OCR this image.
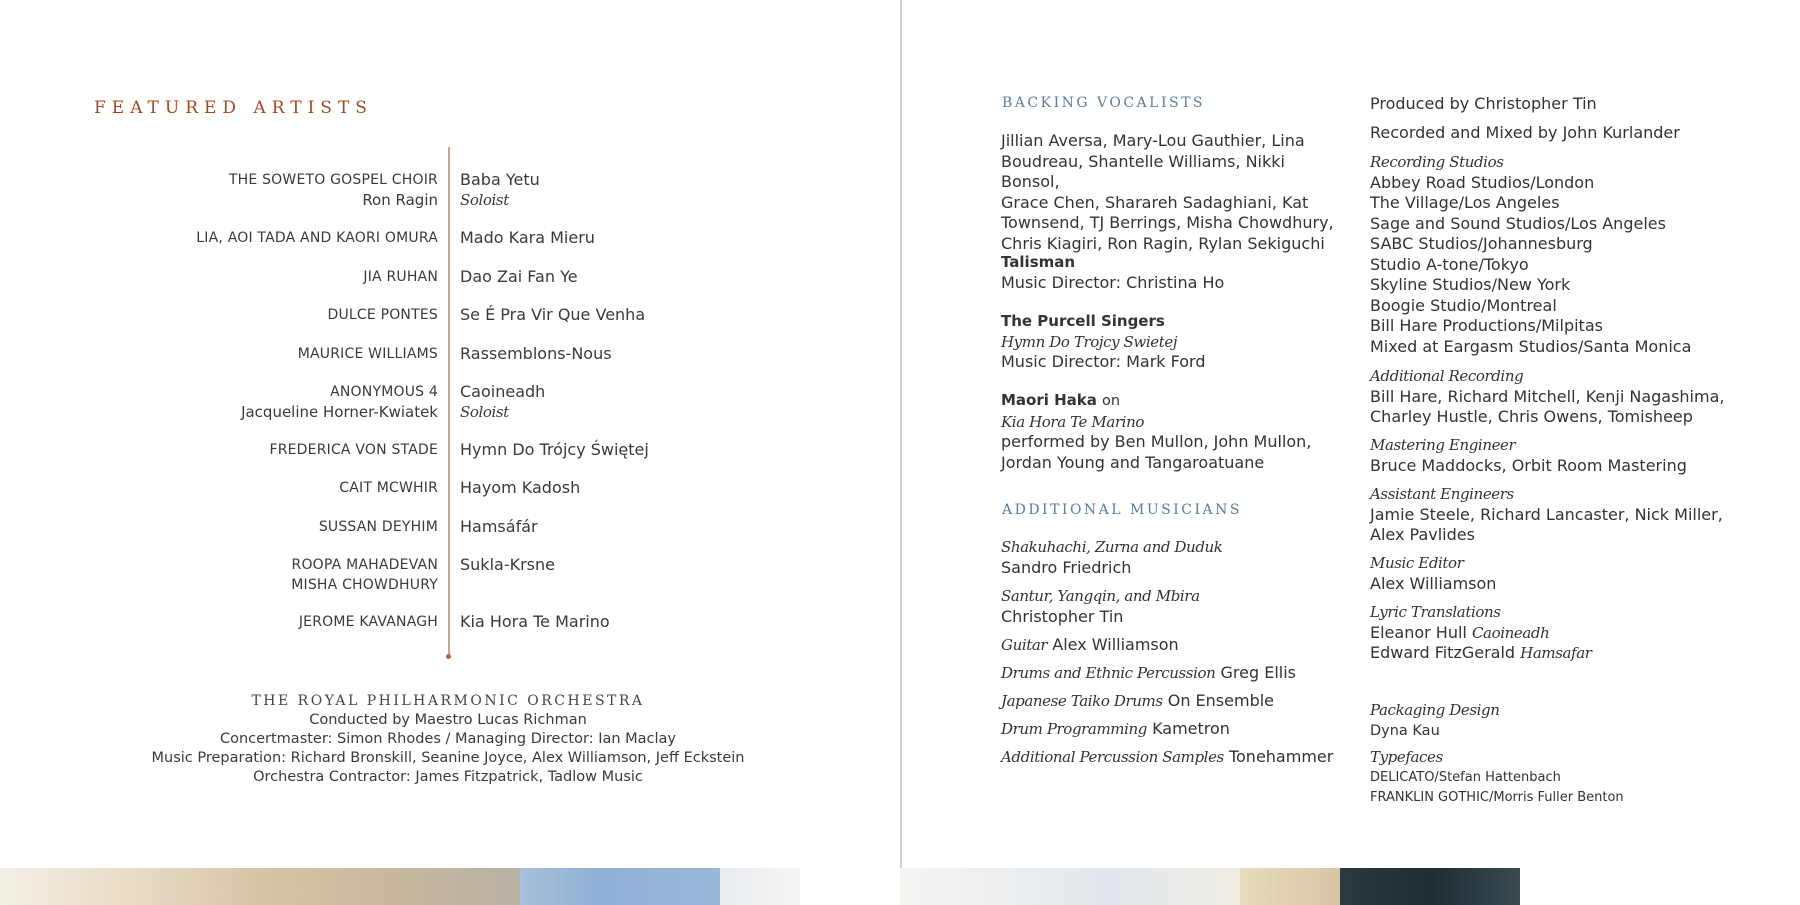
FEATURED ARTISTS
THE SOWETO GOSPEL CHOIR
Ron Ragin
Baba Yetu
Soloist
LIA, AOI TADA AND KAORI OMURA Mado Kara Mieru
JIA RUHAN Dao Zai Fan Ye
DULCE PONTES Se É Pra Vir Que Venha
MAURICE WILLIAMS Rassemblons-Nous
ANONYMOUS 4
Jacqueline Horner-Kwiatek
Caoineadh
Soloist
FREDERICA VON STADE Hymn Do Trójcy Świętej
CAIT MCWHIR Hayom Kadosh
SUSSAN DEYHIM Hamsáfár
ROOPA MAHADEVAN
MISHA CHOWDHURY
Sukla-Krsne
JEROME KAVANAGH Kia Hora Te Marino
THE ROYAL PHILHARMONIC ORCHESTRA
Conducted by Maestro Lucas Richman
Concertmaster: Simon Rhodes / Managing Director: Ian Maclay
Music Preparation: Richard Bronskill, Seanine Joyce, Alex Williamson, Jeff Eckstein
Orchestra Contractor: James Fitzpatrick, Tadlow Music
BACKING VOCALISTS
Jillian Aversa, Mary-Lou Gauthier, Lina
Boudreau, Shantelle Williams, Nikki Bonsol,
Grace Chen, Sharareh Sadaghiani, Kat
Townsend, TJ Berrings, Misha Chowdhury,
Chris Kiagiri, Ron Ragin, Rylan Sekiguchi
Talisman
Music Director: Christina Ho
The Purcell Singers
Hymn Do Trojcy Swietej
Music Director: Mark Ford
Maori Haka on
Kia Hora Te Marino
performed by Ben Mullon, John Mullon,
Jordan Young and Tangaroatuane
ADDITIONAL MUSICIANS
Shakuhachi, Zurna and Duduk
Sandro Friedrich
Santur, Yangqin, and Mbira
Christopher Tin
Guitar Alex Williamson
Drums and Ethnic Percussion Greg Ellis
Japanese Taiko Drums On Ensemble
Drum Programming Kametron
Additional Percussion Samples Tonehammer
Produced by Christopher Tin
Recorded and Mixed by John Kurlander
Recording Studios
Abbey Road Studios/London
The Village/Los Angeles
Sage and Sound Studios/Los Angeles
SABC Studios/Johannesburg
Studio A-tone/Tokyo
Skyline Studios/New York
Boogie Studio/Montreal
Bill Hare Productions/Milpitas
Mixed at Eargasm Studios/Santa Monica
Additional Recording
Bill Hare, Richard Mitchell, Kenji Nagashima,
Charley Hustle, Chris Owens, Tomisheep
Mastering Engineer
Bruce Maddocks, Orbit Room Mastering
Assistant Engineers
Jamie Steele, Richard Lancaster, Nick Miller,
Alex Pavlides
Music Editor
Alex Williamson
Lyric Translations
Eleanor Hull Caoineadh
Edward FitzGerald Hamsafar
Packaging Design
Dyna Kau
Typefaces
DELICATO/Stefan Hattenbach
FRANKLIN GOTHIC/Morris Fuller Benton
